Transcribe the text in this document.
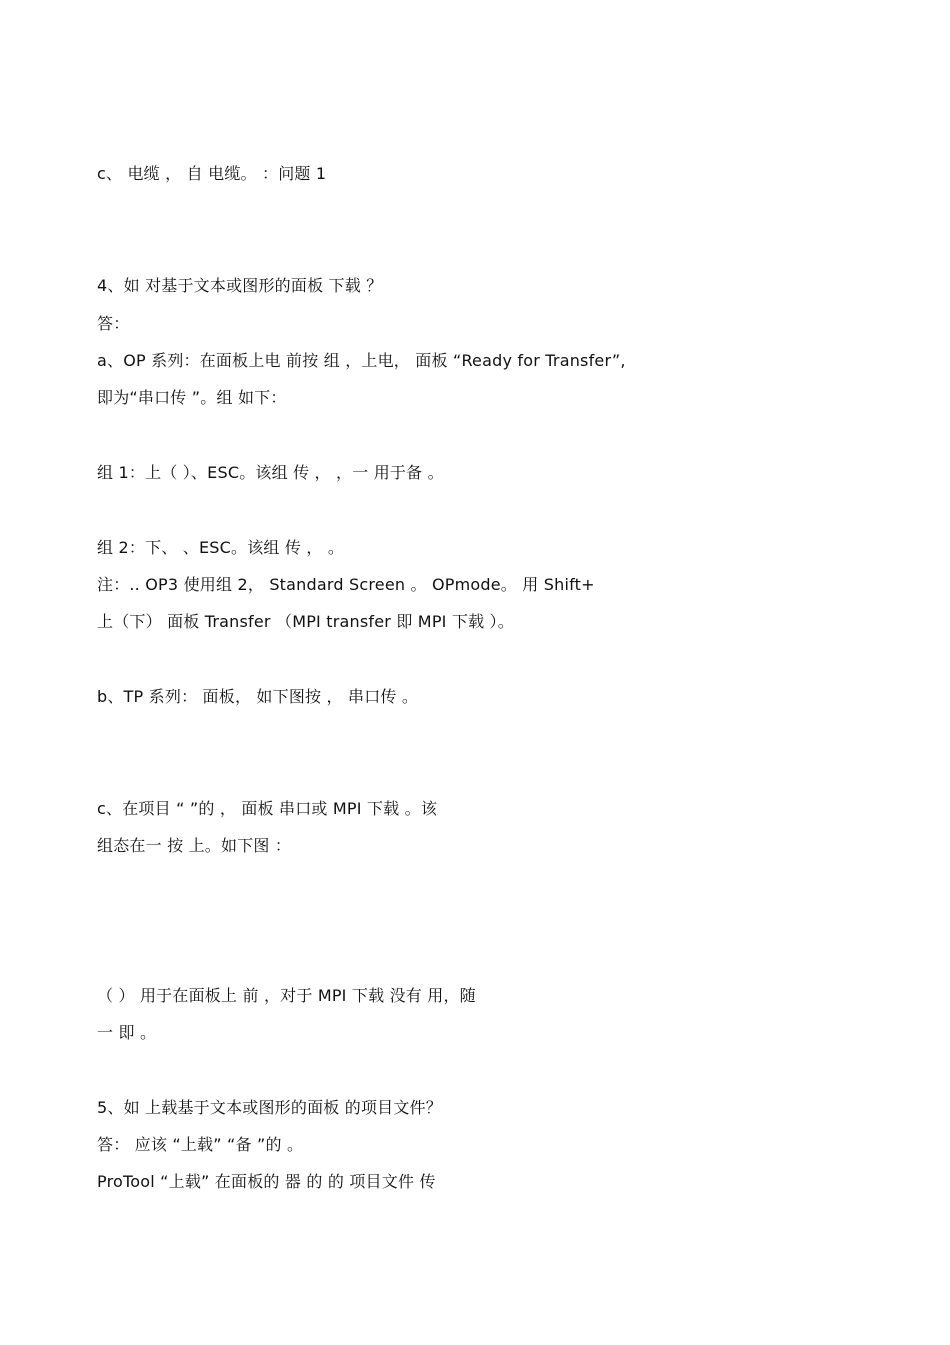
c、 电缆 ， 自 电缆。 ：问题 1
4、如 对基于文本或图形的面板 下载 ？
答：
a、OP 系列：在面板上电 前按 组 ，上电， 面板 “Ready for Transfer”,
即为“串口传 ”。组 如下：
组 1：上（ ）、ESC。该组 传 ， ，一 用于备 。
组 2：下、 、ESC。该组 传 ， 。
注：.. OP3 使用组 2， Standard Screen 。 OPmode。 用 Shift+
上（下） 面板 Transfer （MPI transfer 即 MPI 下载 ）。
b、TP 系列： 面板， 如下图按 ， 串口传 。
c、在项目 “ ”的 ， 面板 串口或 MPI 下载 。该
组态在一 按 上。如下图 ：
（ ） 用于在面板上 前 ，对于 MPI 下载 没有 用，随
一 即 。
5、如 上载基于文本或图形的面板 的项目文件？
答： 应该 “上载” “备 ”的 。
ProTool “上载” 在面板的 器 的 的 项目文件 传
